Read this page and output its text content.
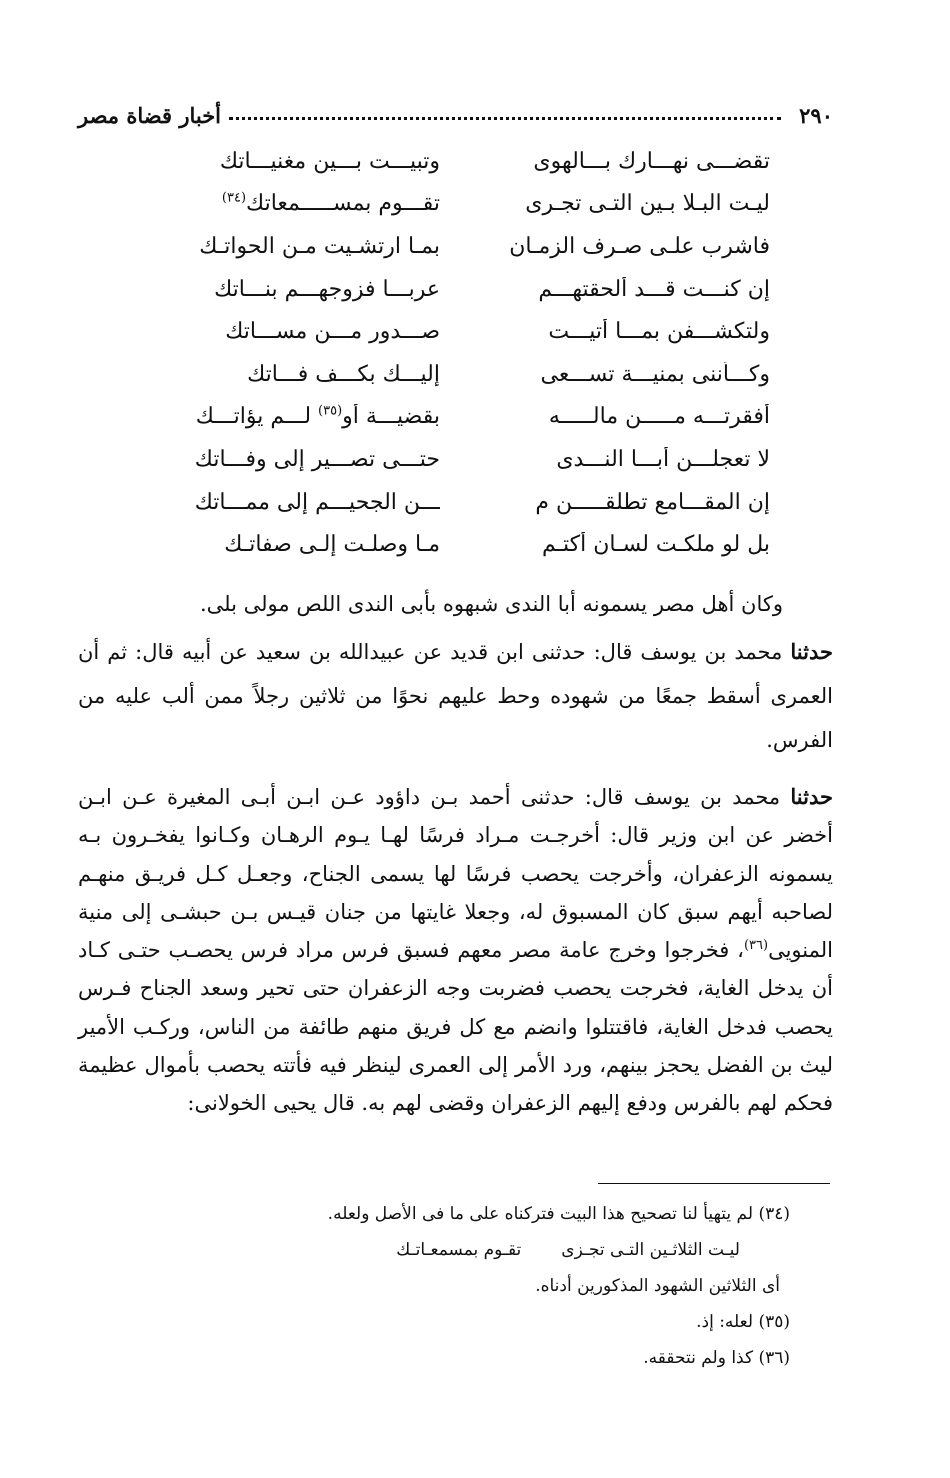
٢٩٠
أخبار قضاة مصر
تقضـــى نهـــارك بـــالهوى
وتبيـــت بـــين مغنيـــاتك
ليـت البـلا بـين التـى تجـرى
تقـــوم بمســـــمعاتك$^{(٣٤)}$
فاشرب علـى صـرف الزمـان
بمـا ارتشـيت مـن الحواتـك
إن كنـــت قـــد ألحقتهـــم
عربـــا فزوجهـــم بنـــاتك
ولتكشـــفن بمـــا أتيـــت
صـــدور مـــن مســـاتك
وكـــأننى بمنيـــة تســـعى
إليـــك بكـــف فـــاتك
أفقرتـــه مـــــن مالـــــه
بقضيـــة أو$^{(٣٥)}$ لـــم يؤاتـــك
لا تعجلـــن أبـــا النـــدى
حتـــى تصـــير إلى وفـــاتك
إن المقـــامع تطلقـــــن م
ـــن الجحيـــم إلى ممـــاتك
بل لو ملكـت لسـان أكتـم
مـا وصلـت إلـى صفاتـك

وكان أهل مصر يسمونه أبا الندى شبهوه بأبى الندى اللص مولى بلى.

حدثنا محمد بن يوسف قال: حدثنى ابن قديد عن عبيدالله بن سعيد عن أبيه قال: ثم أن العمرى أسقط جمعًا من شهوده وحط عليهم نحوًا من ثلاثين رجلاً ممن ألب عليه من الفرس.

حدثنا محمد بن يوسف قال: حدثنى أحمد بـن داؤود عـن ابـن أبـى المغيرة عـن ابـن أخضر عن ابن وزير قال: أخرجـت مـراد فرسًا لهـا يـوم الرهـان وكـانوا يفخـرون بـه يسمونه الزعفران، وأخرجت يحصب فرسًا لها يسمى الجناح، وجعـل كـل فريـق منهـم لصاحبه أيهم سبق كان المسبوق له، وجعلا غايتها من جنان قيـس بـن حبشـى إلى منية المنويى$^{(٣٦)}$، فخرجوا وخرج عامة مصر معهم فسبق فرس مراد فرس يحصـب حتـى كـاد أن يدخل الغاية، فخرجت يحصب فضربت وجه الزعفران حتى تحير وسعد الجناح فـرس يحصب فدخل الغاية، فاقتتلوا وانضم مع كل فريق منهم طائفة من الناس، وركـب الأمير ليث بن الفضل يحجز بينهم، ورد الأمر إلى العمرى لينظر فيه فأتته يحصب بأموال عظيمة فحكم لهم بالفرس ودفع إليهم الزعفران وقضى لهم به. قال يحيى الخولانى:

(٣٤) لم يتهيأ لنا تصحيح هذا البيت فتركناه على ما فى الأصل ولعله.
ليـت الثلاثـين التـى تجـزى
تقـوم بمسمعـاتـك
أى الثلاثين الشهود المذكورين أدناه.
(٣٥) لعله: إذ.
(٣٦) كذا ولم نتحققه.
